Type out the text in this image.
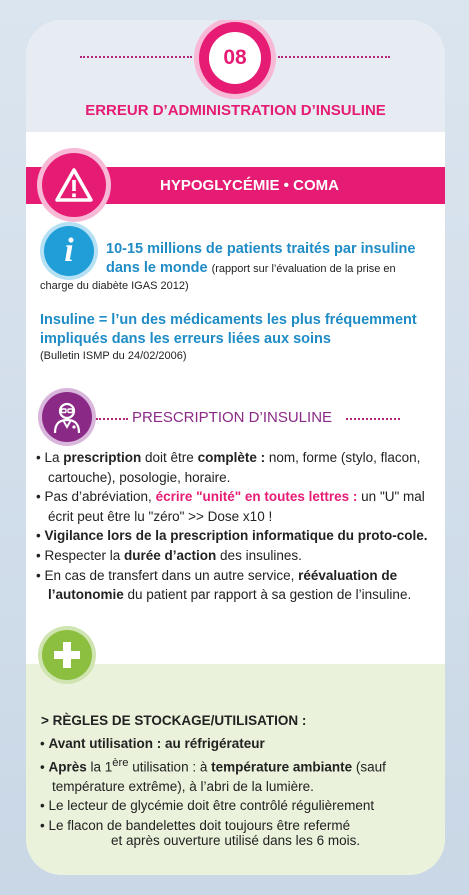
08
ERREUR D’ADMINISTRATION D’INSULINE
HYPOGLYCÉMIE • COMA
i	10-15 millions de patients traités par insuline dans le monde (rapport sur l’évaluation de la prise en
charge du diabète IGAS 2012)
Insuline = l’un des médicaments les plus fréquemment impliqués dans les erreurs liées aux soins
(Bulletin ISMP du 24/02/2006)
PRESCRIPTION D’INSULINE
• La prescription doit être complète : nom, forme (stylo, flacon, cartouche), posologie, horaire.
• Pas d’abréviation, écrire "unité" en toutes lettres : un "U" mal écrit peut être lu "zéro" >> Dose x10 !
• Vigilance lors de la prescription informatique du proto-cole.
• Respecter la durée d’action des insulines.
• En cas de transfert dans un autre service, réévaluation de l’autonomie du patient par rapport à sa gestion de l’insuline.
> RÈGLES DE STOCKAGE/UTILISATION :
• Avant utilisation : au réfrigérateur
• Après la 1ère utilisation : à température ambiante (sauf température extrême), à l’abri de la lumière.
• Le lecteur de glycémie doit être contrôlé régulièrement
• Le flacon de bandelettes doit toujours être refermé
et après ouverture utilisé dans les 6 mois.
